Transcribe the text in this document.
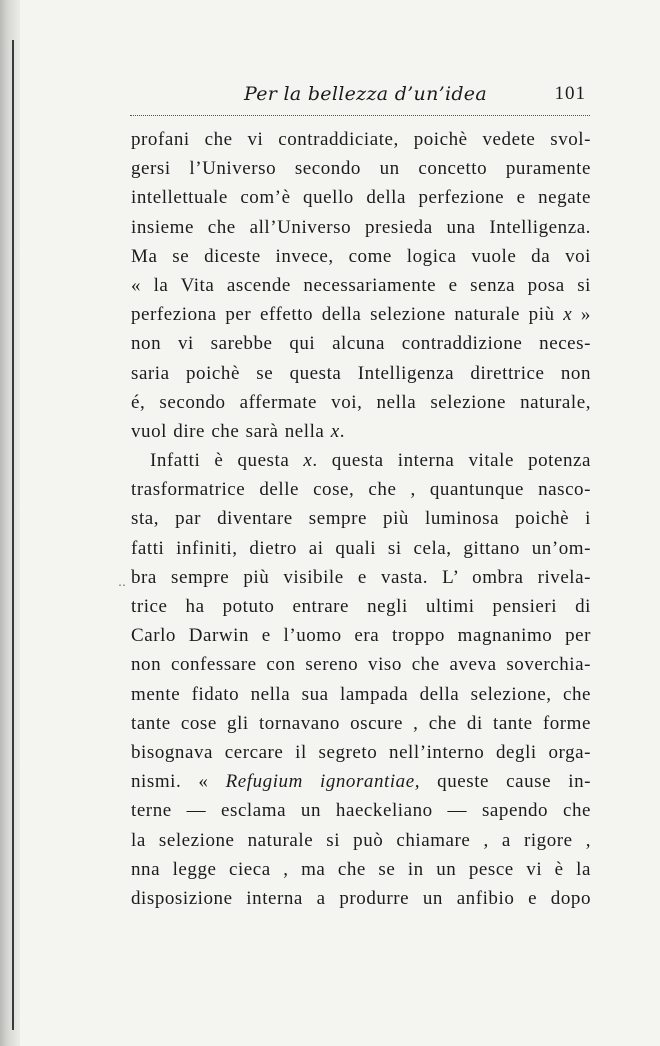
Per la bellezza d’un’idea	101
profani che vi contraddiciate, poichè vedete svol-
gersi l’Universo secondo un concetto puramente
intellettuale com’è quello della perfezione e negate
insieme che all’Universo presieda una Intelligenza.
Ma se diceste invece, come logica vuole da voi
« la Vita ascende necessariamente e senza posa si
perfeziona per effetto della selezione naturale più x »
non vi sarebbe qui alcuna contraddizione neces-
saria poichè se questa Intelligenza direttrice non
é, secondo affermate voi, nella selezione naturale,
vuol dire che sarà nella x.
Infatti è questa x. questa interna vitale potenza
trasformatrice delle cose, che , quantunque nasco-
sta, par diventare sempre più luminosa poichè i
fatti infiniti, dietro ai quali si cela, gittano un’om-
bra sempre più visibile e vasta. L’ ombra rivela-
trice ha potuto entrare negli ultimi pensieri di
Carlo Darwin e l’uomo era troppo magnanimo per
non confessare con sereno viso che aveva soverchia-
mente fidato nella sua lampada della selezione, che
tante cose gli tornavano oscure , che di tante forme
bisognava cercare il segreto nell’interno degli orga-
nismi. « Refugium ignorantiae, queste cause in-
terne — esclama un haeckeliano — sapendo che
la selezione naturale si può chiamare , a rigore ,
nna legge cieca , ma che se in un pesce vi è la
disposizione interna a produrre un anfibio e dopo
‥
